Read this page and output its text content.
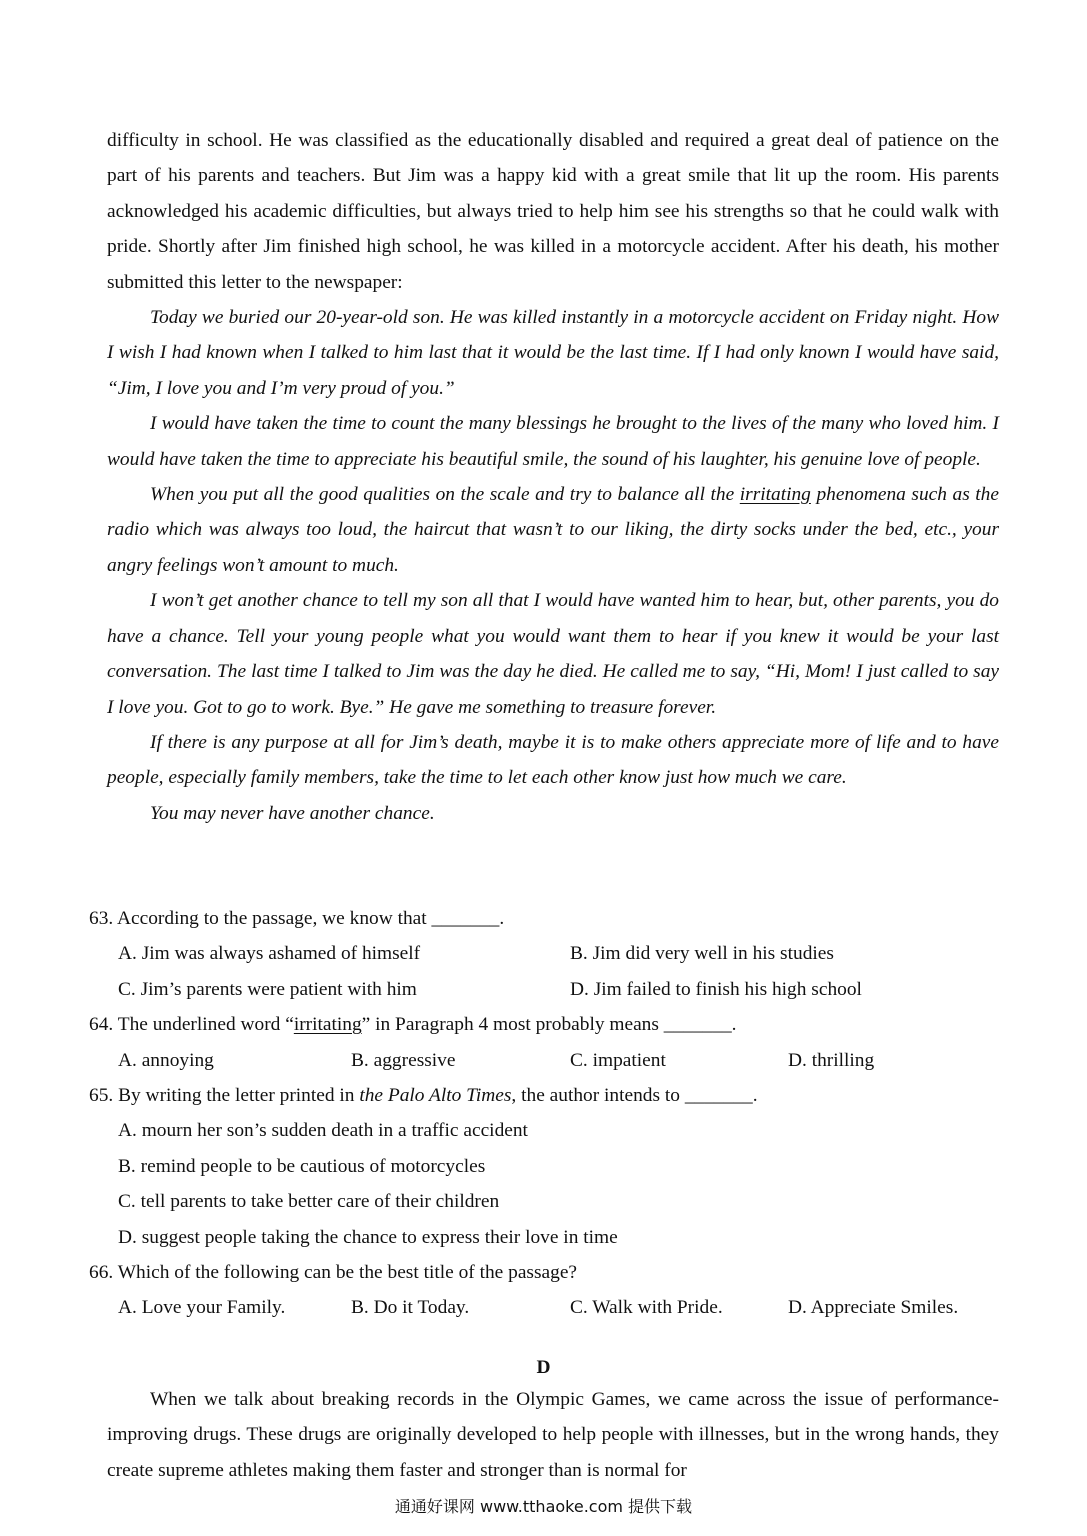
difficulty in school. He was classified as the educationally disabled and required a great deal of patience on the part of his parents and teachers. But Jim was a happy kid with a great smile that lit up the room. His parents acknowledged his academic difficulties, but always tried to help him see his strengths so that he could walk with pride. Shortly after Jim finished high school, he was killed in a motorcycle accident. After his death, his mother submitted this letter to the newspaper:

Today we buried our 20-year-old son. He was killed instantly in a motorcycle accident on Friday night. How I wish I had known when I talked to him last that it would be the last time. If I had only known I would have said, “Jim, I love you and I’m very proud of you.”

I would have taken the time to count the many blessings he brought to the lives of the many who loved him. I would have taken the time to appreciate his beautiful smile, the sound of his laughter, his genuine love of people.

When you put all the good qualities on the scale and try to balance all the irritating phenomena such as the radio which was always too loud, the haircut that wasn’t to our liking, the dirty socks under the bed, etc., your angry feelings won’t amount to much.

I won’t get another chance to tell my son all that I would have wanted him to hear, but, other parents, you do have a chance. Tell your young people what you would want them to hear if you knew it would be your last conversation. The last time I talked to Jim was the day he died. He called me to say, “Hi, Mom! I just called to say I love you. Got to go to work. Bye.” He gave me something to treasure forever.

If there is any purpose at all for Jim’s death, maybe it is to make others appreciate more of life and to have people, especially family members, take the time to let each other know just how much we care.

You may never have another chance.

63. According to the passage, we know that _______.

A. Jim was always ashamed of himself	B. Jim did very well in his studies

C. Jim’s parents were patient with him	D. Jim failed to finish his high school

64. The underlined word “irritating” in Paragraph 4 most probably means _______.

A. annoying	B. aggressive	C. impatient	D. thrilling

65. By writing the letter printed in the Palo Alto Times, the author intends to _______.

A. mourn her son’s sudden death in a traffic accident

B. remind people to be cautious of motorcycles

C. tell parents to take better care of their children

D. suggest people taking the chance to express their love in time

66. Which of the following can be the best title of the passage?

A. Love your Family.	B. Do it Today.	C. Walk with Pride.	D. Appreciate Smiles.

D

When we talk about breaking records in the Olympic Games, we came across the issue of performance-improving drugs. These drugs are originally developed to help people with illnesses, but in the wrong hands, they create supreme athletes making them faster and stronger than is normal for

通通好课网 www.tthaoke.com 提供下载
